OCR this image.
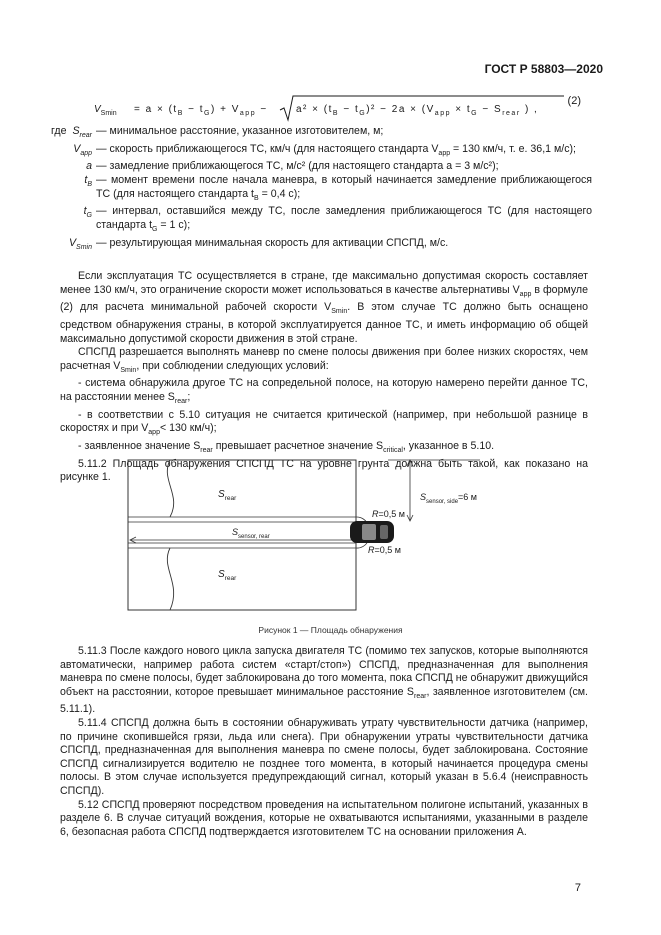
ГОСТ Р 58803—2020
$V_{Smin} = a \times (t_B - t_G) + V_{app}$ −	$a^2 \times (t_B - t_G)^2 - 2a \times (V_{app} \times t_G - S_{rear}$ ) ,
(2)
где $S_{rear}$ — минимальное расстояние, указанное изготовителем, м;
$V_{app}$ — скорость приближающегося ТС, км/ч (для настоящего стандарта $V_{app} = 130$ км/ч, т. е. 36,1 м/с);
a — замедление приближающегося ТС, м/с² (для настоящего стандарта a = 3 м/с²);
$t_B$ — момент времени после начала маневра, в который начинается замедление приближающегося ТС (для настоящего стандарта $t_B = 0,4$ с);
$t_G$ — интервал, оставшийся между ТС, после замедления приближающегося ТС (для настоящего стандарта $t_G = 1$ с);
$V_{Smin}$ — результирующая минимальная скорость для активации СПСПД, м/с.

Если эксплуатация ТС осуществляется в стране, где максимально допустимая скорость составляет менее 130 км/ч, это ограничение скорости может использоваться в качестве альтернативы $V_{app}$ в формуле (2) для расчета минимальной рабочей скорости $V_{Smin}$. В этом случае ТС должно быть оснащено средством обнаружения страны, в которой эксплуатируется данное ТС, и иметь информацию об общей максимально допустимой скорости движения в этой стране.

СПСПД разрешается выполнять маневр по смене полосы движения при более низких скоростях, чем расчетная $V_{Smin}$, при соблюдении следующих условий:

- система обнаружила другое ТС на сопредельной полосе, на которую намерено перейти данное ТС, на расстоянии менее $S_{rear}$;

- в соответствии с 5.10 ситуация не считается критической (например, при небольшой разнице в скоростях и при $V_{app}< 130$ км/ч);

- заявленное значение $S_{rear}$ превышает расчетное значение $S_{critical}$, указанное в 5.10.

5.11.2 Площадь обнаружения СПСПД ТС на уровне грунта должна быть такой, как показано на рисунке 1.

$S_{rear}$
$S_{rear}$
$S_{sensor, rear}$
$S_{sensor, side}=6$ м
R=0,5 м
R=0,5 м
Рисунок 1 — Площадь обнаружения

5.11.3 После каждого нового цикла запуска двигателя ТС (помимо тех запусков, которые выполняются автоматически, например работа систем «старт/стоп») СПСПД, предназначенная для выполнения маневра по смене полосы, будет заблокирована до того момента, пока СПСПД не обнаружит движущийся объект на расстоянии, которое превышает минимальное расстояние $S_{rear}$, заявленное изготовителем (см. 5.11.1).

5.11.4 СПСПД должна быть в состоянии обнаруживать утрату чувствительности датчика (например, по причине скопившейся грязи, льда или снега). При обнаружении утраты чувствительности датчика СПСПД, предназначенная для выполнения маневра по смене полосы, будет заблокирована. Состояние СПСПД сигнализируется водителю не позднее того момента, в который начинается процедура смены полосы. В этом случае используется предупреждающий сигнал, который указан в 5.6.4 (неисправность СПСПД).

5.12 СПСПД проверяют посредством проведения на испытательном полигоне испытаний, указанных в разделе 6. В случае ситуаций вождения, которые не охватываются испытаниями, указанными в разделе 6, безопасная работа СПСПД подтверждается изготовителем ТС на основании приложения А.

7
